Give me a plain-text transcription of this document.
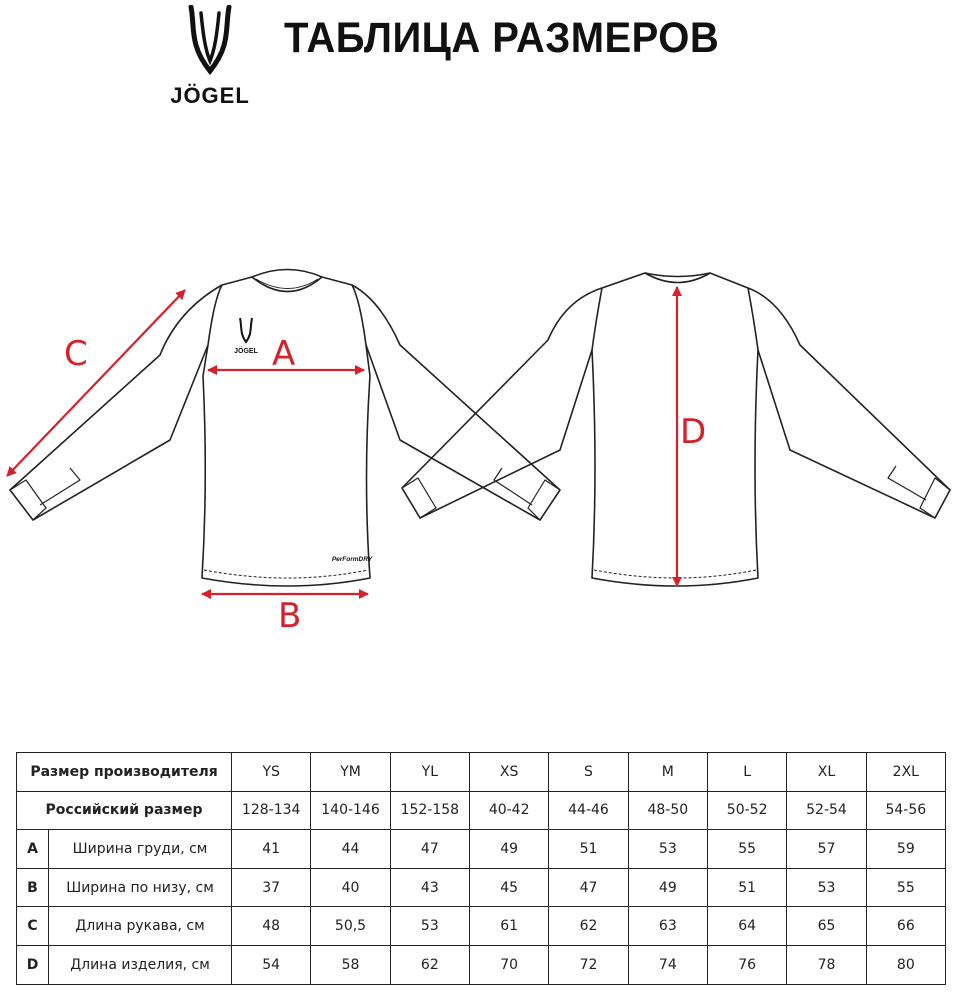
JÖGEL
ТАБЛИЦА РАЗМЕРОВ
JÖGEL
PerFormDRY
A
B
C
D
Размер производителя		YS	YM	YL	XS	S	M	L	XL	2XL
Российский размер		128-134	140-146	152-158	40-42	44-46	48-50	50-52	52-54	54-56
A	Ширина груди, см	41	44	47	49	51	53	55	57	59
B	Ширина по низу, см	37	40	43	45	47	49	51	53	55
C	Длина рукава, см	48	50,5	53	61	62	63	64	65	66
D	Длина изделия, см	54	58	62	70	72	74	76	78	80
